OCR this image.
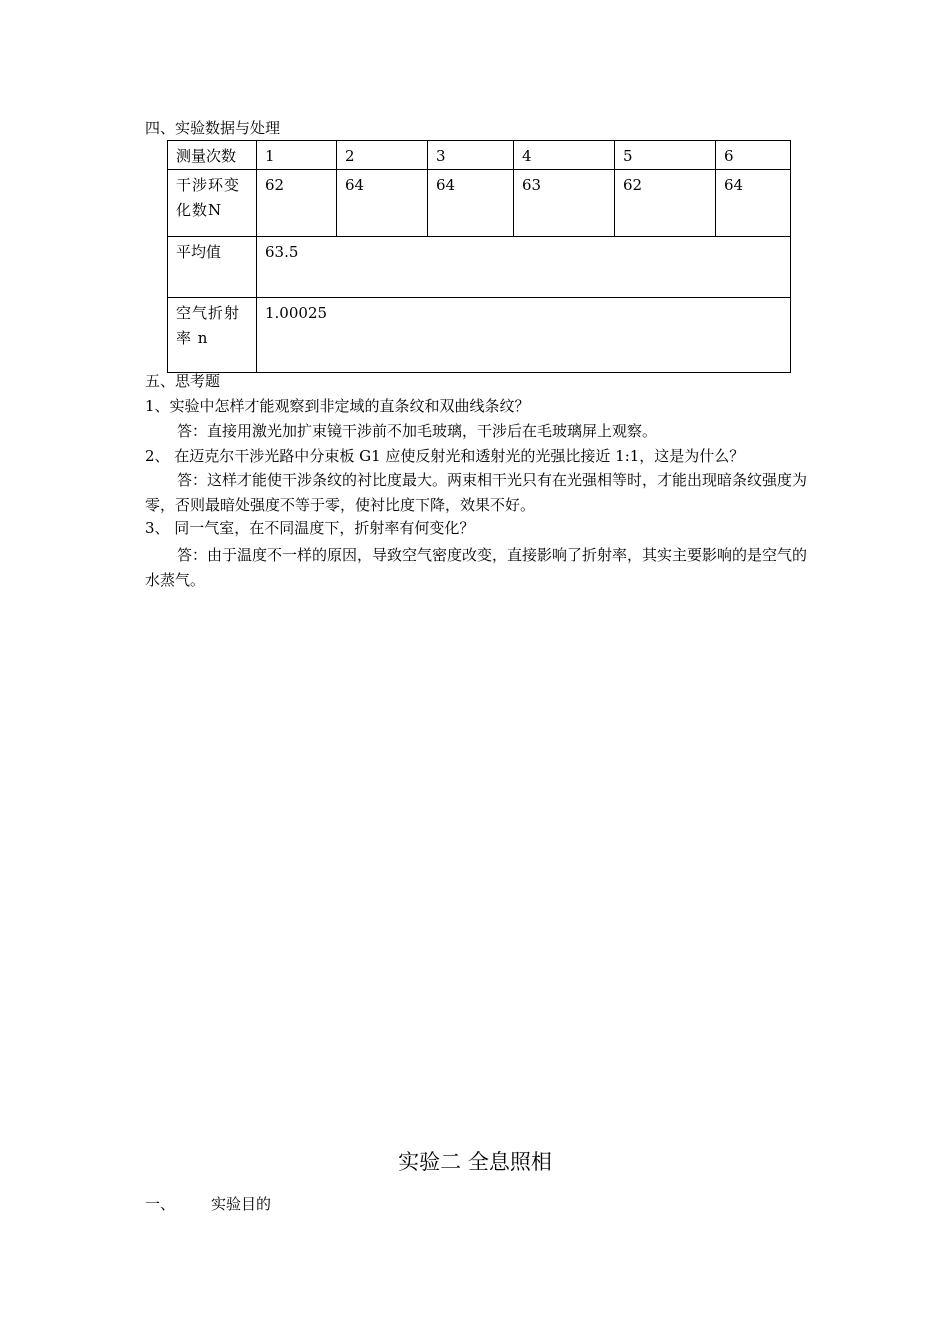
四、实验数据与处理
测量次数	1	2	3	4	5	6
干涉环变化数N	62	64	64	63	62	64
平均值	63.5					
空气折射率 n	1.00025					
五、思考题
1、实验中怎样才能观察到非定域的直条纹和双曲线条纹？
答：直接用激光加扩束镜干涉前不加毛玻璃，干涉后在毛玻璃屏上观察。
2、 在迈克尔干涉光路中分束板 G1 应使反射光和透射光的光强比接近 1:1，这是为什么？
答：这样才能使干涉条纹的衬比度最大。两束相干光只有在光强相等时，才能出现暗条纹强度为零，否则最暗处强度不等于零，使衬比度下降，效果不好。
3、 同一气室，在不同温度下，折射率有何变化？
答：由于温度不一样的原因，导致空气密度改变，直接影响了折射率，其实主要影响的是空气的水蒸气。
实验二 全息照相
一、 实验目的
